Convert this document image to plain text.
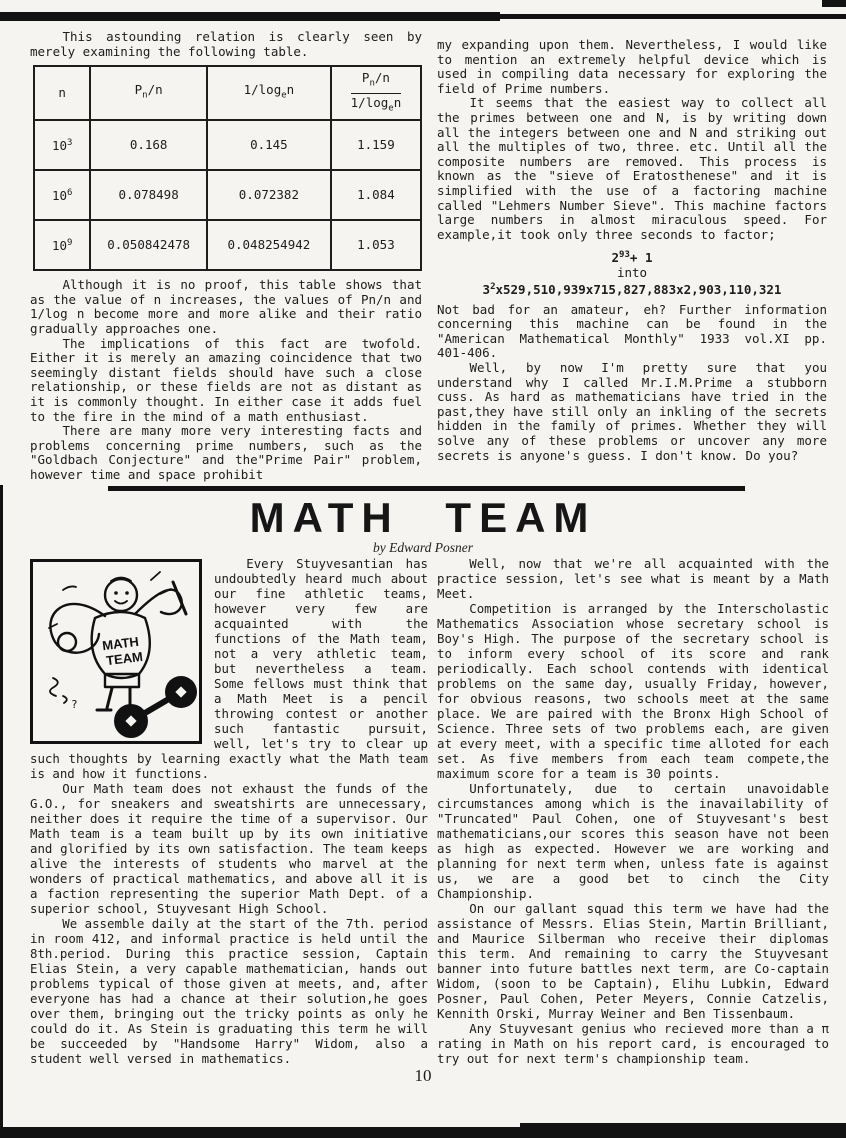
This astounding relation is clearly seen by merely examining the following table.

n	$P_n/n$	$1/\log_en$	$\frac{P_n/n}{1/\log_en}$

$10^3$	0.168	0.145	1.159
$10^6$	0.078498	0.072382	1.084
$10^9$	0.050842478	0.048254942	1.053

Although it is no proof, this table shows that as the value of n increases, the values of Pn/n and 1/log n become more and more alike and their ratio gradually approaches one.

The implications of this fact are twofold. Either it is merely an amazing coincidence that two seemingly distant fields should have such a close relationship, or these fields are not as distant as it is commonly thought. In either case it adds fuel to the fire in the mind of a math enthusiast.

There are many more very interesting facts and problems concerning prime numbers, such as the "Goldbach Conjecture" and the"Prime Pair" problem, however time and space prohibit

my expanding upon them. Nevertheless, I would like to mention an extremely helpful device which is used in compiling data necessary for exploring the field of Prime numbers.

It seems that the easiest way to collect all the primes between one and N, is by writing down all the integers between one and N and striking out all the multiples of two, three. etc. Until all the composite numbers are removed. This process is known as the "sieve of Eratosthenese" and it is simplified with the use of a factoring machine called "Lehmers Number Sieve". This machine factors large numbers in almost miraculous speed. For example,it took only three seconds to factor;

$2^{93}+ 1$
into
$3^2x529,510,939x715,827,883x2,903,110,321$

Not bad for an amateur, eh? Further information concerning this machine can be found in the "American Mathematical Monthly" 1933 vol.XI pp. 401-406.

Well, by now I'm pretty sure that you understand why I called Mr.I.M.Prime a stubborn cuss. As hard as mathematicians have tried in the past,they have still only an inkling of the secrets hidden in the family of primes. Whether they will solve any of these problems or uncover any more secrets is anyone's guess. I don't know. Do you?

MATH TEAM
by Edward Posner
MATH
TEAM
?

Every Stuyvesantian has undoubtedly heard much about our fine athletic teams, however very few are acquainted with the functions of the Math team, not a very athletic team, but nevertheless a team. Some fellows must think that a Math Meet is a pencil throwing contest or another such fantastic pursuit, well, let's try to clear up such thoughts by learning exactly what the Math team is and how it functions.

Our Math team does not exhaust the funds of the G.O., for sneakers and sweatshirts are unnecessary, neither does it require the time of a supervisor. Our Math team is a team built up by its own initiative and glorified by its own satisfaction. The team keeps alive the interests of students who marvel at the wonders of practical mathematics, and above all it is a faction representing the superior Math Dept. of a superior school, Stuyvesant High School.

We assemble daily at the start of the 7th. period in room 412, and informal practice is held until the 8th.period. During this practice session, Captain Elias Stein, a very capable mathematician, hands out problems typical of those given at meets, and, after everyone has had a chance at their solution,he goes over them, bringing out the tricky points as only he could do it. As Stein is graduating this term he will be succeeded by "Handsome Harry" Widom, also a student well versed in mathematics.

Well, now that we're all acquainted with the practice session, let's see what is meant by a Math Meet.

Competition is arranged by the Interscholastic Mathematics Association whose secretary school is Boy's High. The purpose of the secretary school is to inform every school of its score and rank periodically. Each school contends with identical problems on the same day, usually Friday, however, for obvious reasons, two schools meet at the same place. We are paired with the Bronx High School of Science. Three sets of two problems each, are given at every meet, with a specific time alloted for each set. As five members from each team compete,the maximum score for a team is 30 points.

Unfortunately, due to certain unavoidable circumstances among which is the inavailability of "Truncated" Paul Cohen, one of Stuyvesant's best mathematicians,our scores this season have not been as high as expected. However we are working and planning for next term when, unless fate is against us, we are a good bet to cinch the City Championship.

On our gallant squad this term we have had the assistance of Messrs. Elias Stein, Martin Brilliant, and Maurice Silberman who receive their diplomas this term. And remaining to carry the Stuyvesant banner into future battles next term, are Co-captain Widom, (soon to be Captain), Elihu Lubkin, Edward Posner, Paul Cohen, Peter Meyers, Connie Catzelis, Kennith Orski, Murray Weiner and Ben Tissenbaum.

Any Stuyvesant genius who recieved more than a π rating in Math on his report card, is encouraged to try out for next term's championship team.

10
